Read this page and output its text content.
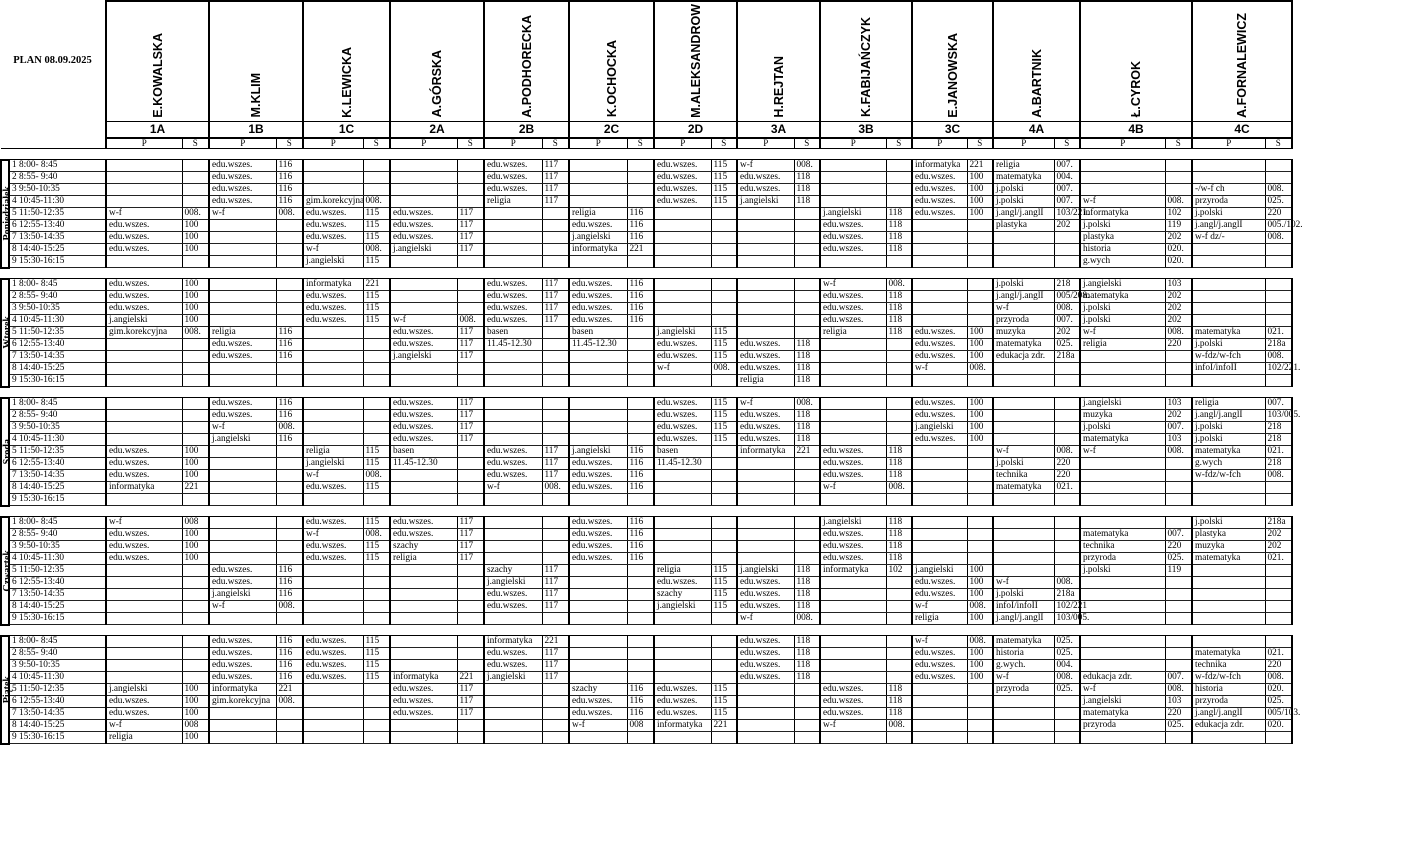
PLAN 08.09.2025

		E.KOWALSKA		M.KLIM		K.LEWICKA		A.GÓRSKA		A.PODHORECKA		K.OCHOCKA		M.ALEKSANDROW		H.REJTAN		K.FABIJAŃCZYK		E.JANOWSKA		A.BARTNIK		Ł.CYROK		A.FORNALEWICZ	

		1A		1B		1C		2A		2B		2C		2D		3A		3B		3C		4A		4B		4C	
		P	S	P	S	P	S	P	S	P	S	P	S	P	S	P	S	P	S	P	S	P	S	P	S	P	S

Poniedziałek	1 8:00- 8:45			edu.wszes.	116					edu.wszes.	117			edu.wszes.	115	w-f	008.			informatyka	221	religia	007.				
	2 8:55- 9:40			edu.wszes.	116					edu.wszes.	117			edu.wszes.	115	edu.wszes.	118			edu.wszes.	100	matematyka	004.				
	3 9:50-10:35			edu.wszes.	116					edu.wszes.	117			edu.wszes.	115	edu.wszes.	118			edu.wszes.	100	j.polski	007.			-/w-f ch	008.
	4 10:45-11:30			edu.wszes.	116	gim.korekcyjna	008.			religia	117			edu.wszes.	115	j.angielski	118			edu.wszes.	100	j.polski	007.	w-f	008.	przyroda	025.
	5 11:50-12:35	w-f	008.	w-f	008.	edu.wszes.	115	edu.wszes.	117			religia	116					j.angielski	118	edu.wszes.	100	j.angl/j.anglI	103/221.	informatyka	102	j.polski	220
	6 12:55-13:40	edu.wszes.	100			edu.wszes.	115	edu.wszes.	117			edu.wszes.	116					edu.wszes.	118			plastyka	202	j.polski	119	j.angl/j.anglI	005./102.
	7 13:50-14:35	edu.wszes.	100			edu.wszes.	115	edu.wszes.	117			j.angielski	116					edu.wszes.	118					plastyka	202	w-f dz/-	008.
	8 14:40-15:25	edu.wszes.	100			w-f	008.	j.angielski	117			informatyka	221					edu.wszes.	118					historia	020.		
	9 15:30-16:15					j.angielski	115																	g.wych	020.		

Wtorek	1 8:00- 8:45	edu.wszes.	100			informatyka	221			edu.wszes.	117	edu.wszes.	116					w-f	008.			j.polski	218	j.angielski	103		
	2 8:55- 9:40	edu.wszes.	100			edu.wszes.	115			edu.wszes.	117	edu.wszes.	116					edu.wszes.	118			j.angl/j.anglI	005/208.	matematyka	202		
	3 9:50-10:35	edu.wszes.	100			edu.wszes.	115			edu.wszes.	117	edu.wszes.	116					edu.wszes.	118			w-f	008.	j.polski	202		
	4 10:45-11:30	j.angielski	100			edu.wszes.	115	w-f	008.	edu.wszes.	117	edu.wszes.	116					edu.wszes.	118			przyroda	007.	j.polski	202		
	5 11:50-12:35	gim.korekcyjna	008.	religia	116			edu.wszes.	117	basen		basen		j.angielski	115			religia	118	edu.wszes.	100	muzyka	202	w-f	008.	matematyka	021.
	6 12:55-13:40			edu.wszes.	116			edu.wszes.	117	11.45-12.30		11.45-12.30		edu.wszes.	115	edu.wszes.	118			edu.wszes.	100	matematyka	025.	religia	220	j.polski	218a
	7 13:50-14:35			edu.wszes.	116			j.angielski	117					edu.wszes.	115	edu.wszes.	118			edu.wszes.	100	edukacja zdr.	218a			w-fdz/w-fch	008.
	8 14:40-15:25													w-f	008.	edu.wszes.	118			w-f	008.					infoI/infoII	102/221.
	9 15:30-16:15															religia	118										

Środa	1 8:00- 8:45			edu.wszes.	116			edu.wszes.	117					edu.wszes.	115	w-f	008.			edu.wszes.	100			j.angielski	103	religia	007.
	2 8:55- 9:40			edu.wszes.	116			edu.wszes.	117					edu.wszes.	115	edu.wszes.	118			edu.wszes.	100			muzyka	202	j.angl/j.anglI	103/005.
	3 9:50-10:35			w-f	008.			edu.wszes.	117					edu.wszes.	115	edu.wszes.	118			j.angielski	100			j.polski	007.	j.polski	218
	4 10:45-11:30			j.angielski	116			edu.wszes.	117					edu.wszes.	115	edu.wszes.	118			edu.wszes.	100			matematyka	103	j.polski	218
	5 11:50-12:35	edu.wszes.	100			religia	115	basen		edu.wszes.	117	j.angielski	116	basen		informatyka	221	edu.wszes.	118			w-f	008.	w-f	008.	matematyka	021.
	6 12:55-13:40	edu.wszes.	100			j.angielski	115	11.45-12.30		edu.wszes.	117	edu.wszes.	116	11.45-12.30				edu.wszes.	118			j.polski	220			g.wych	218
	7 13:50-14:35	edu.wszes.	100			w-f	008.			edu.wszes.	117	edu.wszes.	116					edu.wszes.	118			technika	220			w-fdz/w-fch	008.
	8 14:40-15:25	informatyka	221			edu.wszes.	115			w-f	008.	edu.wszes.	116					w-f	008.			matematyka	021.				
	9 15:30-16:15																										

Czwartek	1 8:00- 8:45	w-f	008			edu.wszes.	115	edu.wszes.	117			edu.wszes.	116					j.angielski	118							j.polski	218a
	2 8:55- 9:40	edu.wszes.	100			w-f	008.	edu.wszes.	117			edu.wszes.	116					edu.wszes.	118					matematyka	007.	plastyka	202
	3 9:50-10:35	edu.wszes.	100			edu.wszes.	115	szachy	117			edu.wszes.	116					edu.wszes.	118					technika	220	muzyka	202
	4 10:45-11:30	edu.wszes.	100			edu.wszes.	115	religia	117			edu.wszes.	116					edu.wszes.	118					przyroda	025.	matematyka	021.
	5 11:50-12:35			edu.wszes.	116					szachy	117			religia	115	j.angielski	118	informatyka	102	j.angielski	100			j.polski	119		
	6 12:55-13:40			edu.wszes.	116					j.angielski	117			edu.wszes.	115	edu.wszes.	118			edu.wszes.	100	w-f	008.				
	7 13:50-14:35			j.angielski	116					edu.wszes.	117			szachy	115	edu.wszes.	118			edu.wszes.	100	j.polski	218a				
	8 14:40-15:25			w-f	008.					edu.wszes.	117			j.angielski	115	edu.wszes.	118			w-f	008.	infoI/infoII	102/221				
	9 15:30-16:15															w-f	008.			religia	100	j.angl/j.anglI	103/005.				

Piątek	1 8:00- 8:45			edu.wszes.	116	edu.wszes.	115			informatyka	221					edu.wszes.	118			w-f	008.	matematyka	025.				
	2 8:55- 9:40			edu.wszes.	116	edu.wszes.	115			edu.wszes.	117					edu.wszes.	118			edu.wszes.	100	historia	025.			matematyka	021.
	3 9:50-10:35			edu.wszes.	116	edu.wszes.	115			edu.wszes.	117					edu.wszes.	118			edu.wszes.	100	g.wych.	004.			technika	220
	4 10:45-11:30			edu.wszes.	116	edu.wszes.	115	informatyka	221	j.angielski	117					edu.wszes.	118			edu.wszes.	100	w-f	008.	edukacja zdr.	007.	w-fdz/w-fch	008.
	5 11:50-12:35	j.angielski	100	informatyka	221			edu.wszes.	117			szachy	116	edu.wszes.	115			edu.wszes.	118			przyroda	025.	w-f	008.	historia	020.
	6 12:55-13:40	edu.wszes.	100	gim.korekcyjna	008.			edu.wszes.	117			edu.wszes.	116	edu.wszes.	115			edu.wszes.	118					j.angielski	103	przyroda	025.
	7 13:50-14:35	edu.wszes.	100					edu.wszes.	117			edu.wszes.	116	edu.wszes.	115			edu.wszes.	118					matematyka	220	j.angl/j.anglI	005/103.
	8 14:40-15:25	w-f	008									w-f	008	informatyka	221			w-f	008.					przyroda	025.	edukacja zdr.	020.
	9 15:30-16:15	religia	100																								
